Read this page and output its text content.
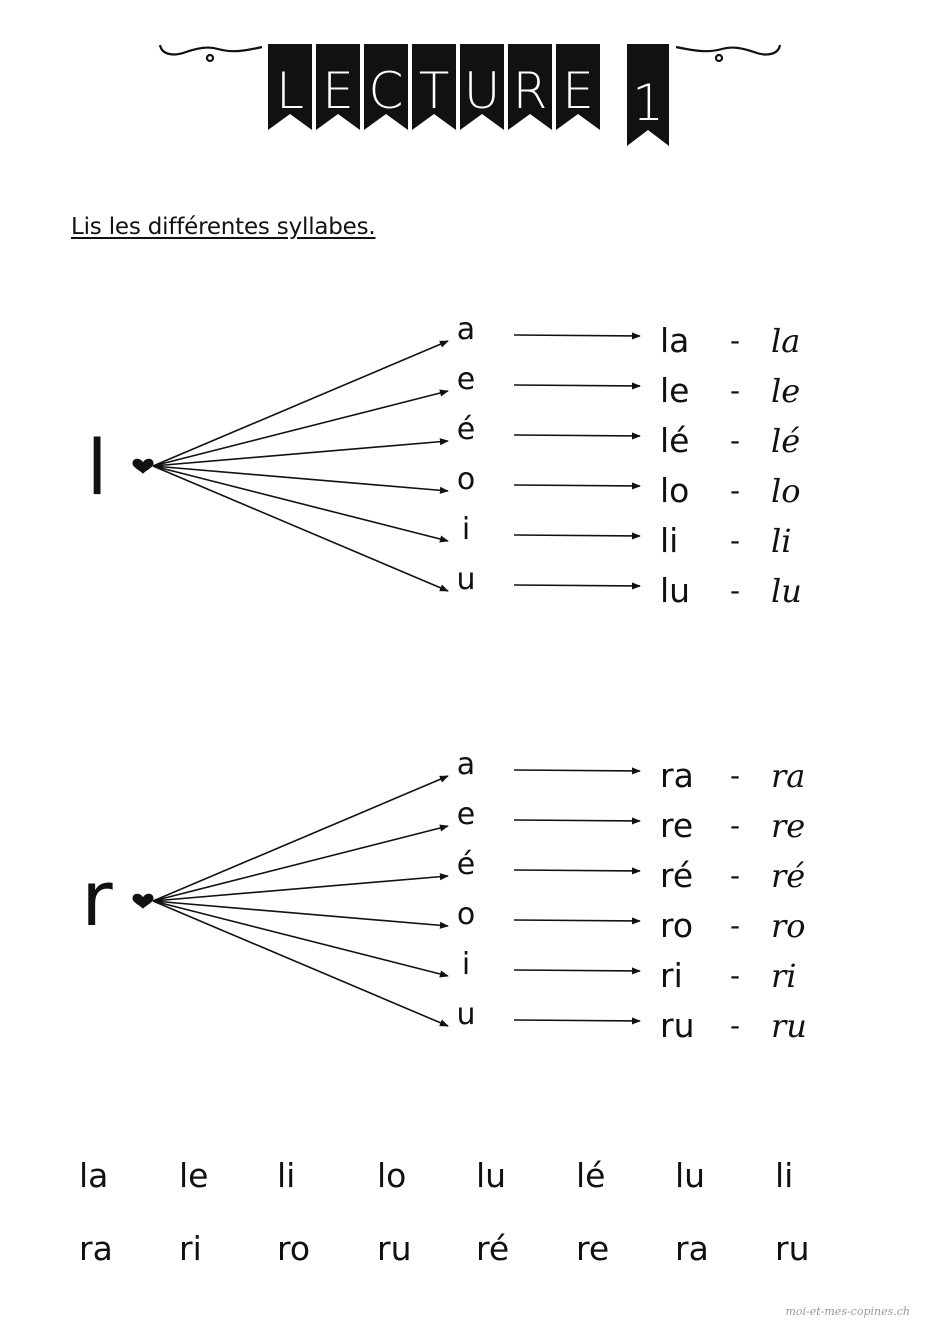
L E C T U R E 1
l
a	la - la
e	le - le
é	lé - lé
o	lo - lo
i	li - li
u	lu - lu
r
a	ra - ra
e	re - re
é	ré - ré
o	ro - ro
i	ri - ri
u	ru - ru
la le li lo lu lé lu li
ra ri ro ru ré re ra ru
Lis les différentes syllabes.
moi-et-mes-copines.ch
